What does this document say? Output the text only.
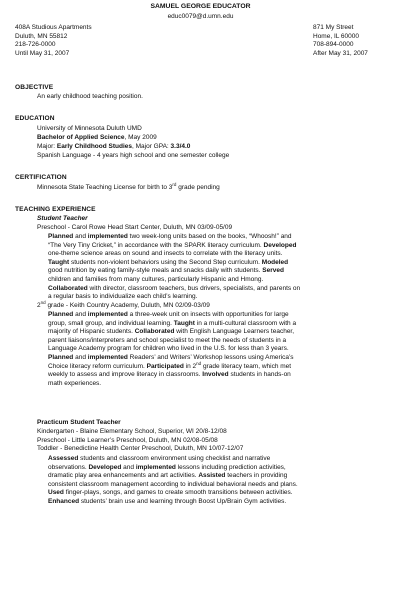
SAMUEL GEORGE EDUCATOR
educ0079@d.umn.edu
408A Studious Apartments
Duluth, MN 55812
218-726-0000
Until May 31, 2007
871 My Street
Home, IL 60000
708-894-0000
After May 31, 2007
OBJECTIVE
An early childhood teaching position.
EDUCATION
University of Minnesota Duluth UMD
Bachelor of Applied Science, May 2009
Major: Early Childhood Studies, Major GPA: 3.3/4.0
Spanish Language - 4 years high school and one semester college
CERTIFICATION
Minnesota State Teaching License for birth to 3rd grade pending
TEACHING EXPERIENCE
Student Teacher
Preschool - Carol Rowe Head Start Center, Duluth, MN 03/09-05/09
Planned and implemented two week-long units based on the books, “Whoosh!” and
“The Very Tiny Cricket,” in accordance with the SPARK literacy curriculum. Developed
one-theme science areas on sound and insects to correlate with the literacy units.
Taught students non-violent behaviors using the Second Step curriculum. Modeled
good nutrition by eating family-style meals and snacks daily with students. Served
children and families from many cultures, particularly Hispanic and Hmong.
Collaborated with director, classroom teachers, bus drivers, specialists, and parents on
a regular basis to individualize each child’s learning.
2nd grade - Keith Country Academy, Duluth, MN 02/09-03/09
Planned and implemented a three-week unit on insects with opportunities for large
group, small group, and individual learning. Taught in a multi-cultural classroom with a
majority of Hispanic students. Collaborated with English Language Learners teacher,
parent liaisons/interpreters and school specialist to meet the needs of students in a
Language Academy program for children who lived in the U.S. for less than 3 years.
Planned and implemented Readers’ and Writers’ Workshop lessons using America’s
Choice literacy reform curriculum. Participated in 2nd grade literacy team, which met
weekly to assess and improve literacy in classrooms. Involved students in hands-on
math experiences.
Practicum Student Teacher
Kindergarten - Blaine Elementary School, Superior, WI 20/8-12/08
Preschool - Little Learner’s Preschool, Duluth, MN 02/08-05/08
Toddler - Benedictine Health Center Preschool, Duluth, MN 10/07-12/07
Assessed students and classroom environment using checklist and narrative
observations. Developed and implemented lessons including prediction activities,
dramatic play area enhancements and art activities. Assisted teachers in providing
consistent classroom management according to individual behavioral needs and plans.
Used finger-plays, songs, and games to create smooth transitions between activities.
Enhanced students’ brain use and learning through Boost Up/Brain Gym activities.
